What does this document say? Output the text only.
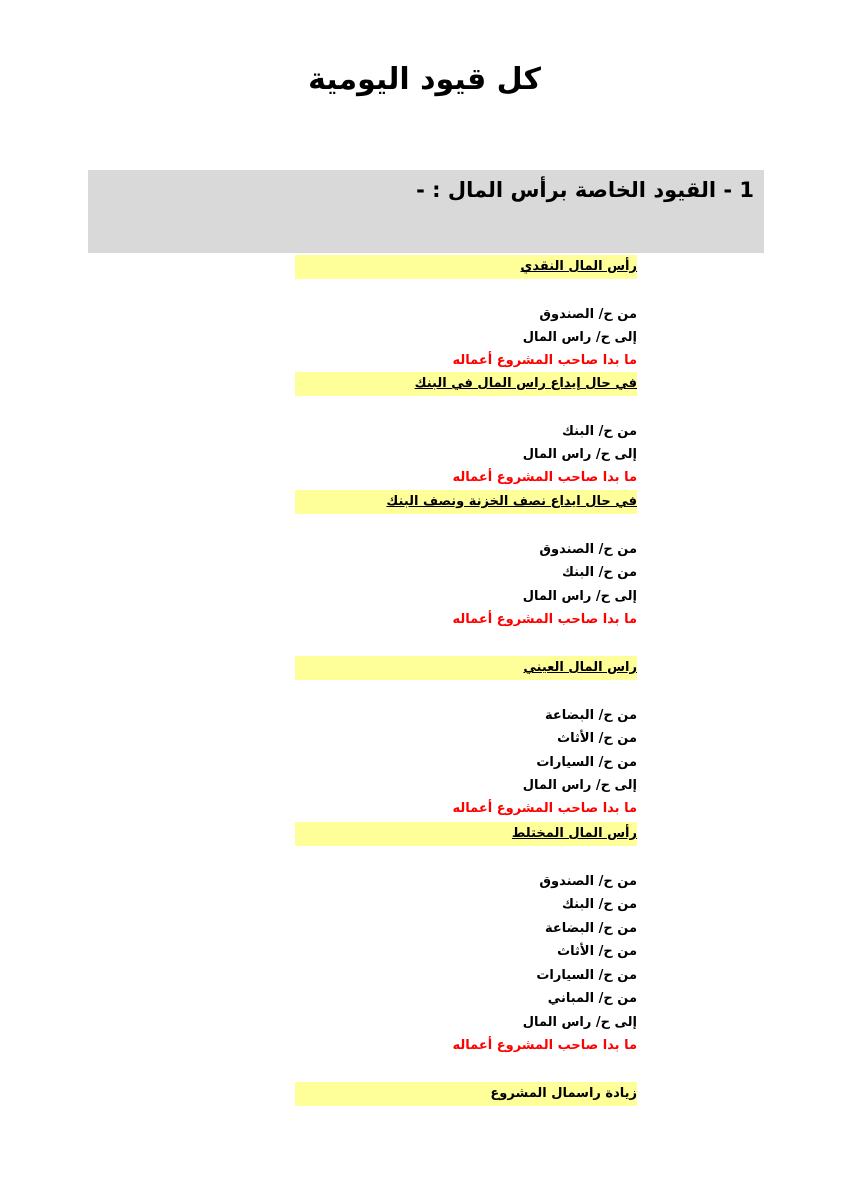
كل قيود اليومية
1 - القيود الخاصة برأس المال : -
رأس المال النقدي
من ح/ الصندوق
إلى ح/ راس المال
ما بدا صاحب المشروع أعماله
في حال إيداع راس المال في البنك
من ح/ البنك
إلى ح/ راس المال
ما بدا صاحب المشروع أعماله
في حال ايداع نصف الخزنة ونصف البنك
من ح/ الصندوق
من ح/ البنك
إلى ح/ راس المال
ما بدا صاحب المشروع أعماله
راس المال العيني
من ح/ البضاعة
من ح/ الأثاث
من ح/ السيارات
إلى ح/ راس المال
ما بدا صاحب المشروع أعماله
رأس المال المختلط
من ح/ الصندوق
من ح/ البنك
من ح/ البضاعة
من ح/ الأثاث
من ح/ السيارات
من ح/ المباني
إلى ح/ راس المال
ما بدا صاحب المشروع أعماله
زيادة راسمال المشروع
